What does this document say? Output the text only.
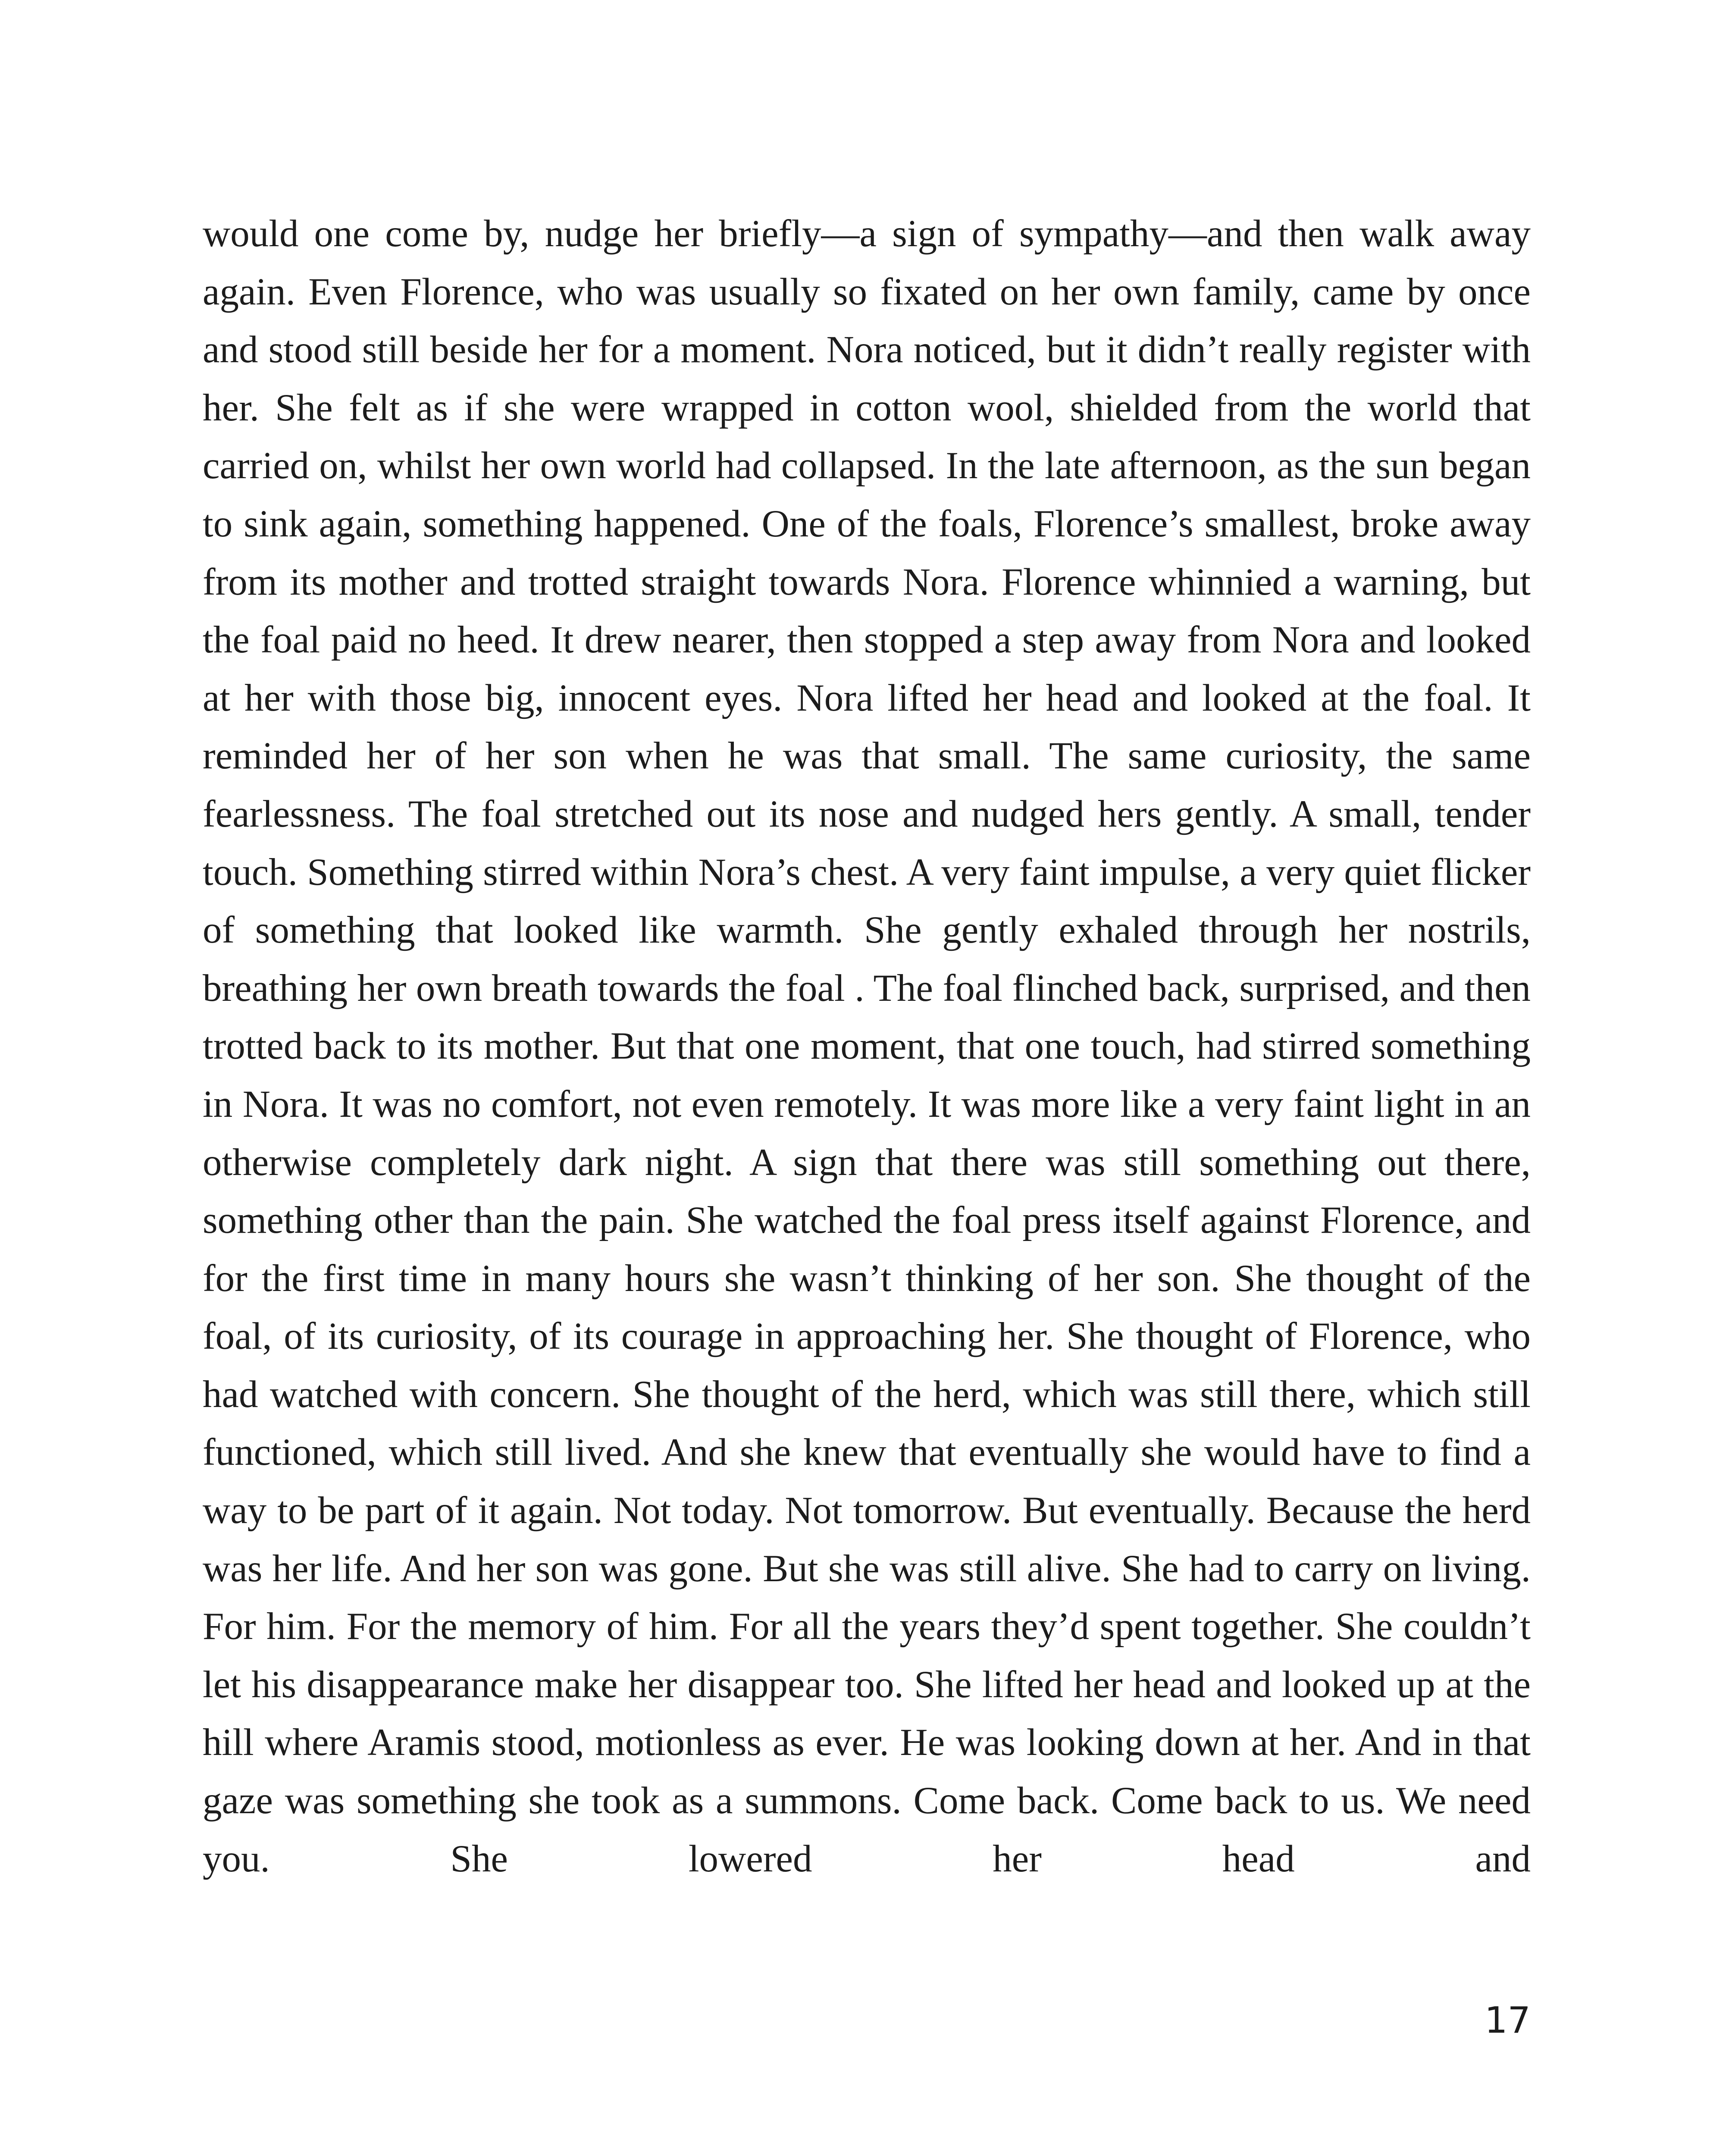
would one come by, nudge her briefly—a sign of sympathy—and then walk away again. Even Florence, who was usually so fixated on her own family, came by once and stood still beside her for a moment. Nora noticed, but it didn’t really register with her. She felt as if she were wrapped in cotton wool, shielded from the world that carried on, whilst her own world had collapsed. In the late afternoon, as the sun began to sink again, something happened. One of the foals, Florence’s smallest, broke away from its mother and trotted straight towards Nora. Florence whinnied a warning, but the foal paid no heed. It drew nearer, then stopped a step away from Nora and looked at her with those big, innocent eyes. Nora lifted her head and looked at the foal. It reminded her of her son when he was that small. The same curiosity, the same fearlessness. The foal stretched out its nose and nudged hers gently. A small, tender touch. Something stirred within Nora’s chest. A very faint impulse, a very quiet flicker of something that looked like warmth. She gently exhaled through her nostrils, breathing her own breath towards the foal . The foal flinched back, surprised, and then trotted back to its mother. But that one moment, that one touch, had stirred something in Nora. It was no comfort, not even remotely. It was more like a very faint light in an otherwise completely dark night. A sign that there was still something out there, something other than the pain. She watched the foal press itself against Florence, and for the first time in many hours she wasn’t thinking of her son. She thought of the foal, of its curiosity, of its courage in approaching her. She thought of Florence, who had watched with concern. She thought of the herd, which was still there, which still functioned, which still lived. And she knew that eventually she would have to find a way to be part of it again. Not today. Not tomorrow. But eventually. Because the herd was her life. And her son was gone. But she was still alive. She had to carry on living. For him. For the memory of him. For all the years they’d spent together. She couldn’t let his disappearance make her disappear too. She lifted her head and looked up at the hill where Aramis stood, motionless as ever. He was looking down at her. And in that gaze was something she took as a summons. Come back. Come back to us. We need you. She lowered her head and

17
